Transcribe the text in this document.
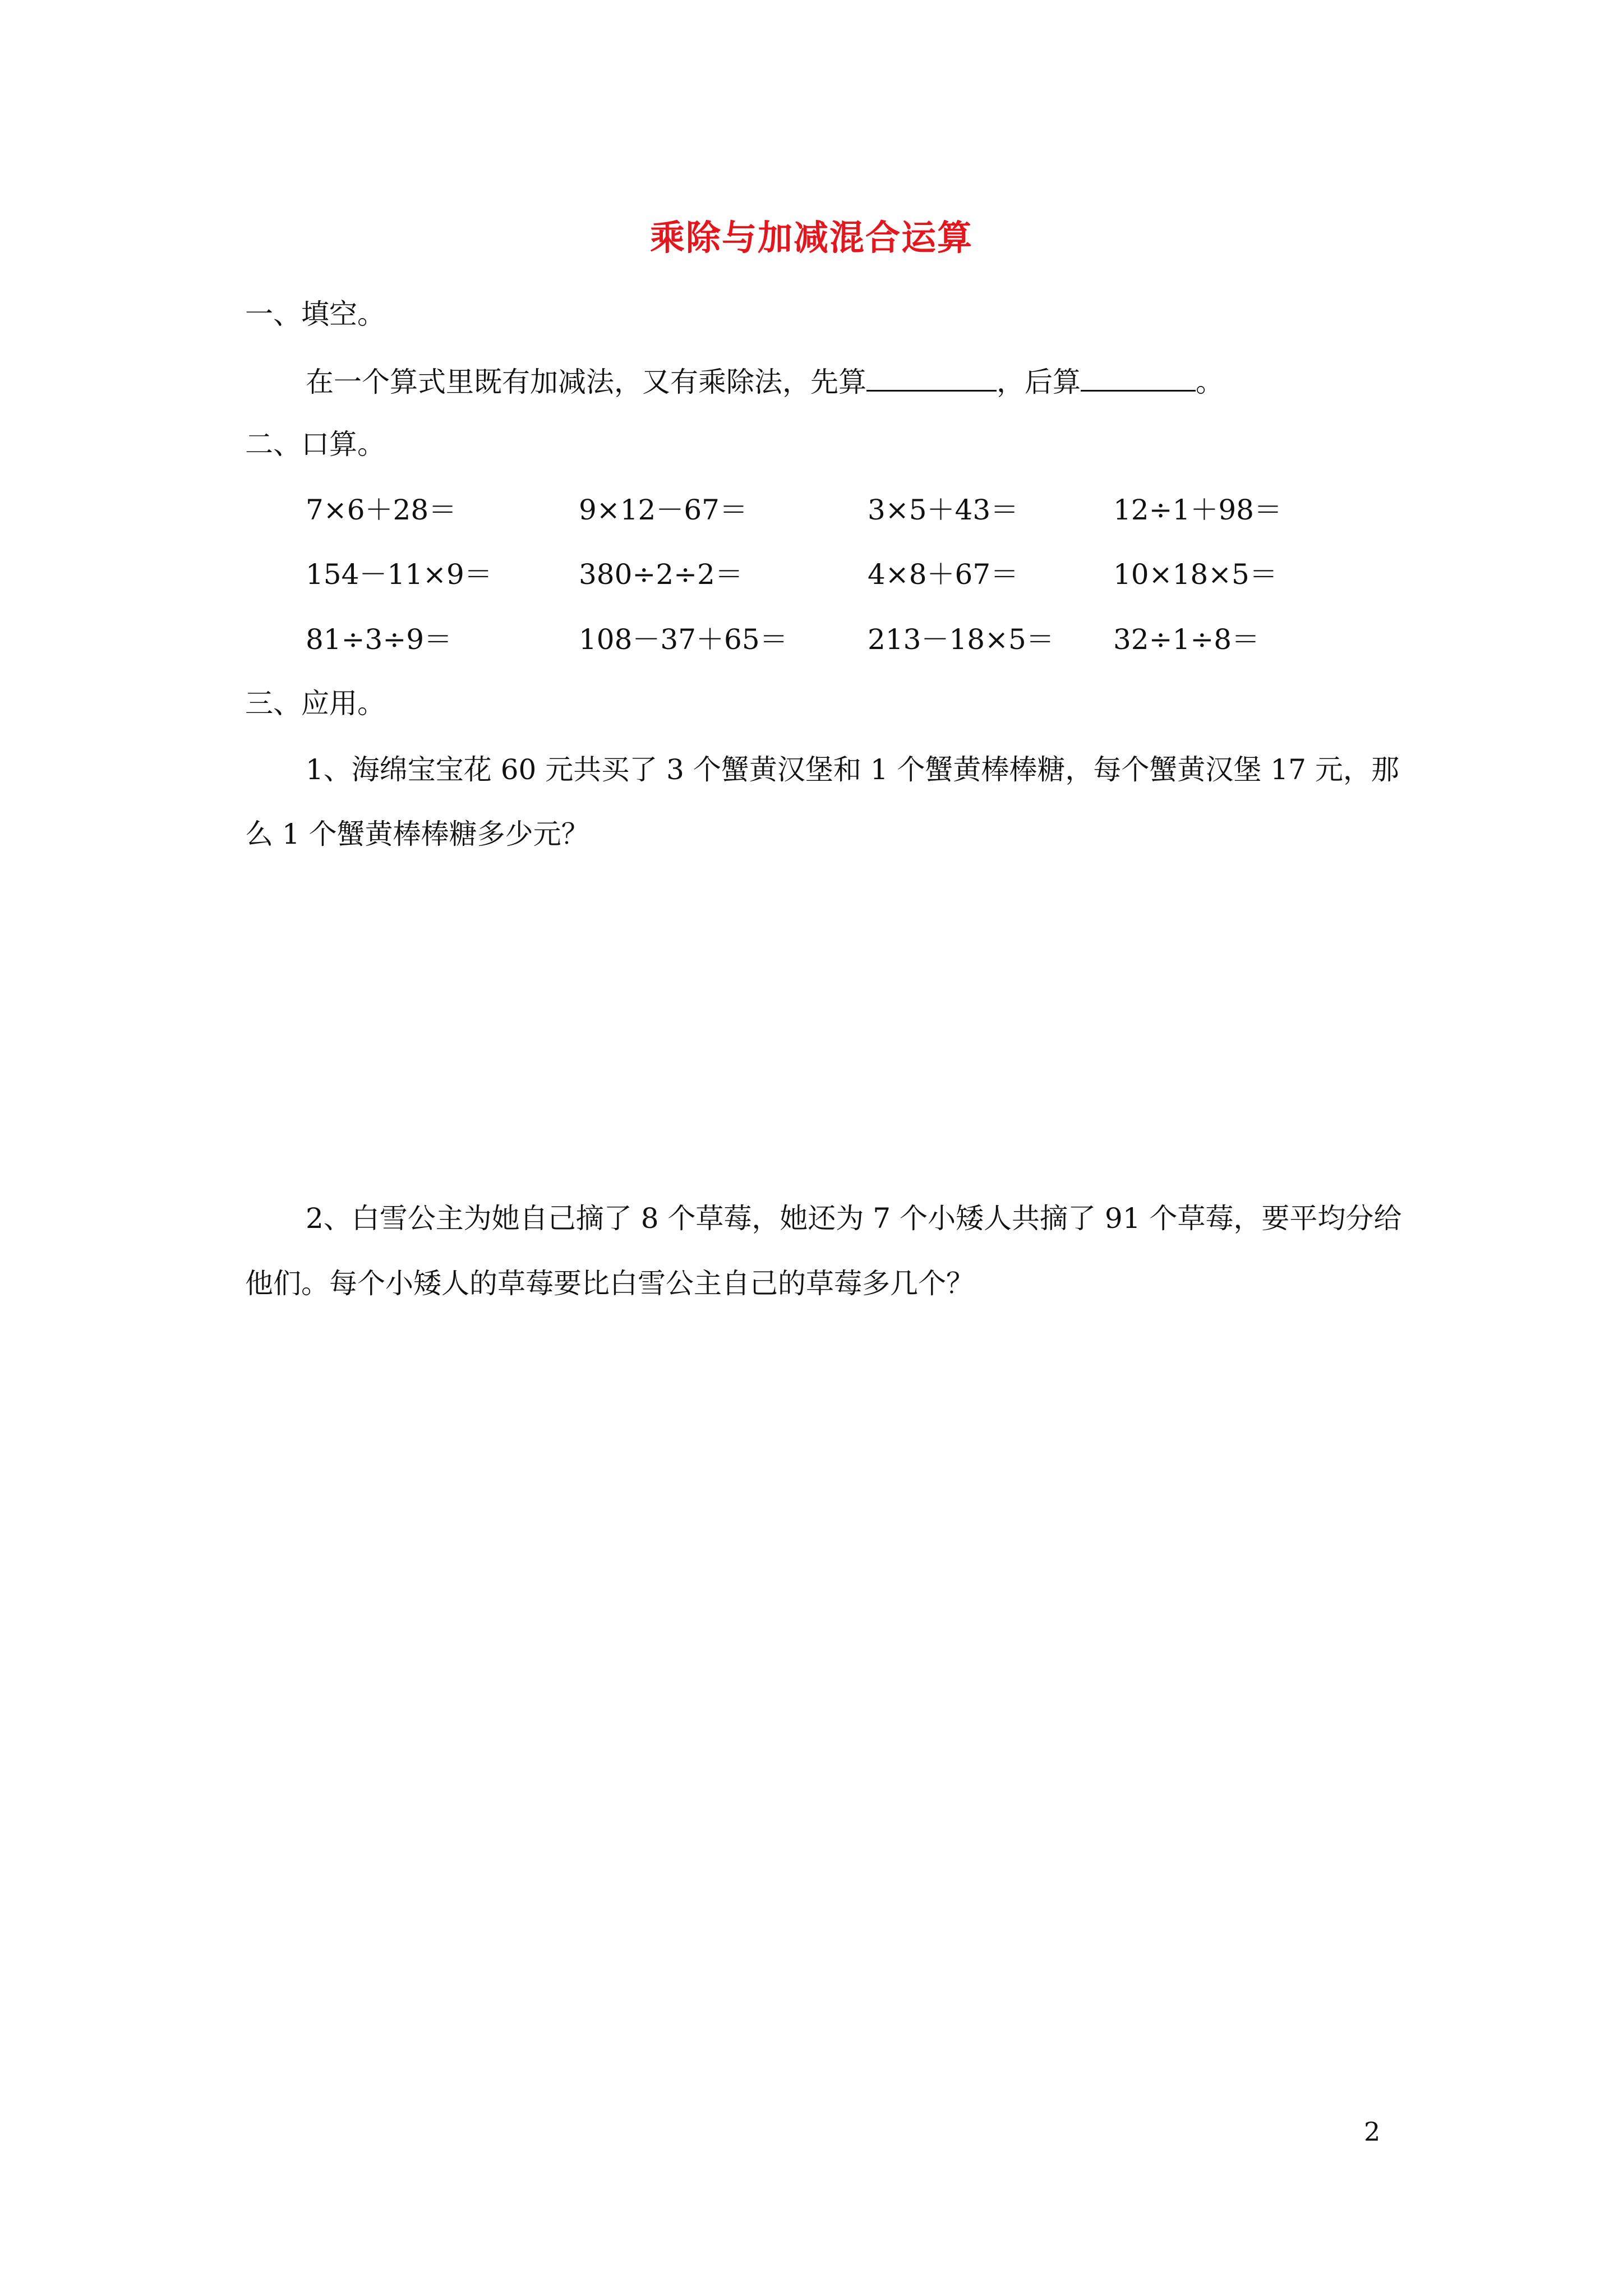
乘除与加减混合运算
一、填空。
在一个算式里既有加减法，又有乘除法，先算	，后算	。
二、口算。
7×6＋28＝	9×12－67＝	3×5＋43＝	12÷1＋98＝
154－11×9＝	380÷2÷2＝	4×8＋67＝	10×18×5＝
81÷3÷9＝	108－37＋65＝	213－18×5＝ 32÷1÷8＝
三、应用。
1、海绵宝宝花 60 元共买了 3 个蟹黄汉堡和 1 个蟹黄棒棒糖，每个蟹黄汉堡 17 元，那
么 1 个蟹黄棒棒糖多少元？
2、白雪公主为她自己摘了 8 个草莓，她还为 7 个小矮人共摘了 91 个草莓，要平均分给
他们。每个小矮人的草莓要比白雪公主自己的草莓多几个？
2
